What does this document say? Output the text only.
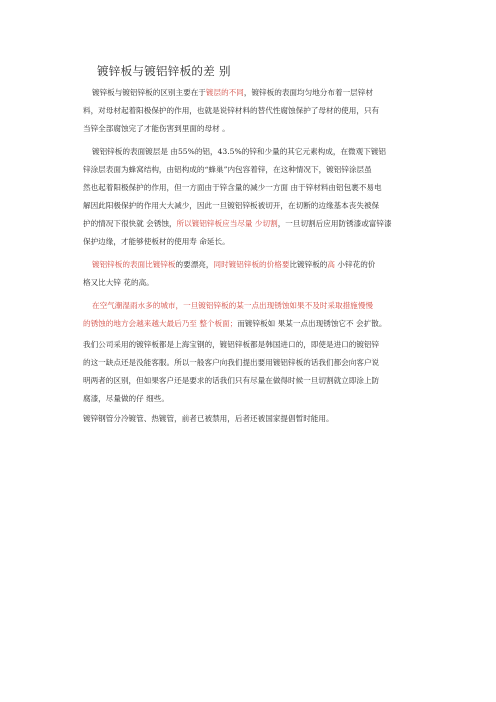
镀锌板与镀铝锌板的差 别
镀锌板与镀铝锌板的区别主要在于镀层的不同，镀锌板的表面均匀地分布着一层锌材
料，对母材起着阳极保护的作用，也就是说锌材料的替代性腐蚀保护了母材的使用，只有
当锌全部腐蚀完了才能伤害到里面的母材 。
镀铝锌板的表面镀层是 由55%的铝，43.5%的锌和少量的其它元素构成，在微观下镀铝
锌涂层表面为蜂窝结构，由铝构成的“蜂巢”内包容着锌，在这种情况下，镀铝锌涂层虽
然也起着阳极保护的作用，但一方面由于锌含量的减少一方面 由于锌材料由铝包裹不易电
解因此阳极保护的作用大大减少，因此一旦镀铝锌板被切开，在切断的边缘基本丧失被保
护的情况下很快就 会锈蚀，所以镀铝锌板应当尽量 少切割，一旦切割后应用防锈漆或富锌漆
保护边缘，才能够使板材的使用寿 命延长。
镀铝锌板的表面比镀锌板的要漂亮，同时镀铝锌板的价格要比镀锌板的高 小锌花的价
格又比大锌 花的高。
在空气潮湿雨水多的城市，一旦镀铝锌板的某一点出现锈蚀如果不及时采取措施慢慢
的锈蚀的地方会越来越大最后乃至 整个板面；而镀锌板如 果某一点出现锈蚀它不 会扩散。
我们公司采用的镀锌板都是上海宝钢的，镀铝锌板都是韩国进口的，即使是进口的镀铝锌
的这一缺点还是没能客服。所以一般客户向我们提出要用镀铝锌板的话我们都会向客户说
明两者的区别，但如果客户还是要求的话我们只有尽量在做得时候一旦切割就立即涂上防
腐漆，尽量做的仔 细些。
镀锌钢管分冷镀管、热镀管，前者已被禁用，后者还被国家提倡暂时能用。
